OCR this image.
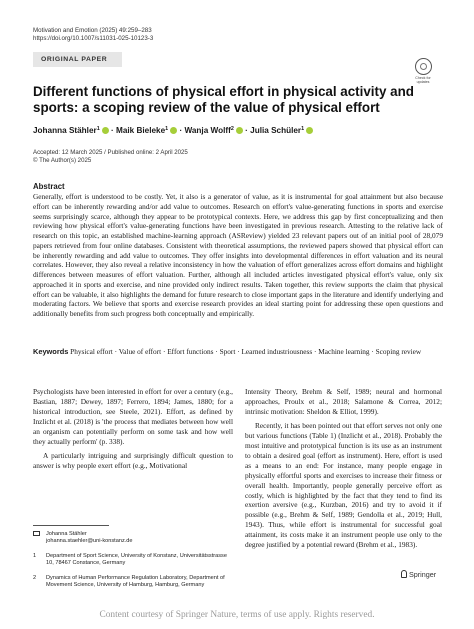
Motivation and Emotion (2025) 49:259–283
https://doi.org/10.1007/s11031-025-10123-3
ORIGINAL PAPER
Check for updates
Different functions of physical effort in physical activity and sports: a scoping review of the value of physical effort
Johanna Stähler$^1$ · Maik Bieleke$^1$ · Wanja Wolff$^2$ · Julia Schüler$^1$
Accepted: 12 March 2025 / Published online: 2 April 2025
© The Author(s) 2025
Abstract

Generally, effort is understood to be costly. Yet, it also is a generator of value, as it is instrumental for goal attainment but also because effort can be inherently rewarding and/or add value to outcomes. Research on effort's value-generating functions in sports and exercise seems surprisingly scarce, although they appear to be prototypical contexts. Here, we address this gap by first conceptualizing and then reviewing how physical effort's value-generating functions have been investigated in previous research. Attesting to the relative lack of research on this topic, an established machine-learning approach (ASReview) yielded 23 relevant papers out of an initial pool of 28,079 papers retrieved from four online databases. Consistent with theoretical assumptions, the reviewed papers showed that physical effort can be inherently rewarding and add value to outcomes. They offer insights into developmental differences in effort valuation and its neural correlates. However, they also reveal a relative inconsistency in how the valuation of effort generalizes across effort domains and highlight differences between measures of effort valuation. Further, although all included articles investigated physical effort's value, only six approached it in sports and exercise, and nine provided only indirect results. Taken together, this review supports the claim that physical effort can be valuable, it also highlights the demand for future research to close important gaps in the literature and identify underlying and moderating factors. We believe that sports and exercise research provides an ideal starting point for addressing these open questions and additionally benefits from such progress both conceptually and empirically.

Keywords Physical effort · Value of effort · Effort functions · Sport · Learned industriousness · Machine learning · Scoping review

Psychologists have been interested in effort for over a century (e.g., Bastian, 1887; Dewey, 1897; Ferrero, 1894; James, 1880; for a historical introduction, see Steele, 2021). Effort, as defined by Inzlicht et al. (2018) is 'the process that mediates between how well an organism can potentially perform on some task and how well they actually perform' (p. 338).

A particularly intriguing and surprisingly difficult question to answer is why people exert effort (e.g., Motivational

Intensity Theory, Brehm & Self, 1989; neural and hormonal approaches, Proulx et al., 2018; Salamone & Correa, 2012; intrinsic motivation: Sheldon & Elliot, 1999).

Recently, it has been pointed out that effort serves not only one but various functions (Table 1) (Inzlicht et al., 2018). Probably the most intuitive and prototypical function is its use as an instrument to obtain a desired goal (effort as instrument). Here, effort is used as a means to an end: For instance, many people engage in physically effortful sports and exercises to increase their fitness or overall health. Importantly, people generally perceive effort as costly, which is highlighted by the fact that they tend to find its exertion aversive (e.g., Kurzban, 2016) and try to avoid it if possible (e.g., Brehm & Self, 1989; Gendolla et al., 2019; Hull, 1943). Thus, while effort is instrumental for successful goal attainment, its costs make it an instrument people use only to the degree justified by a potential reward (Brehm et al., 1983).

Johanna Stähler
johanna.staehler@uni-konstanz.de
1	Department of Sport Science, University of Konstanz, Universitätsstrasse 10, 78467 Constance, Germany
2	Dynamics of Human Performance Regulation Laboratory, Department of Movement Science, University of Hamburg, Hamburg, Germany
Springer
Content courtesy of Springer Nature, terms of use apply. Rights reserved.
